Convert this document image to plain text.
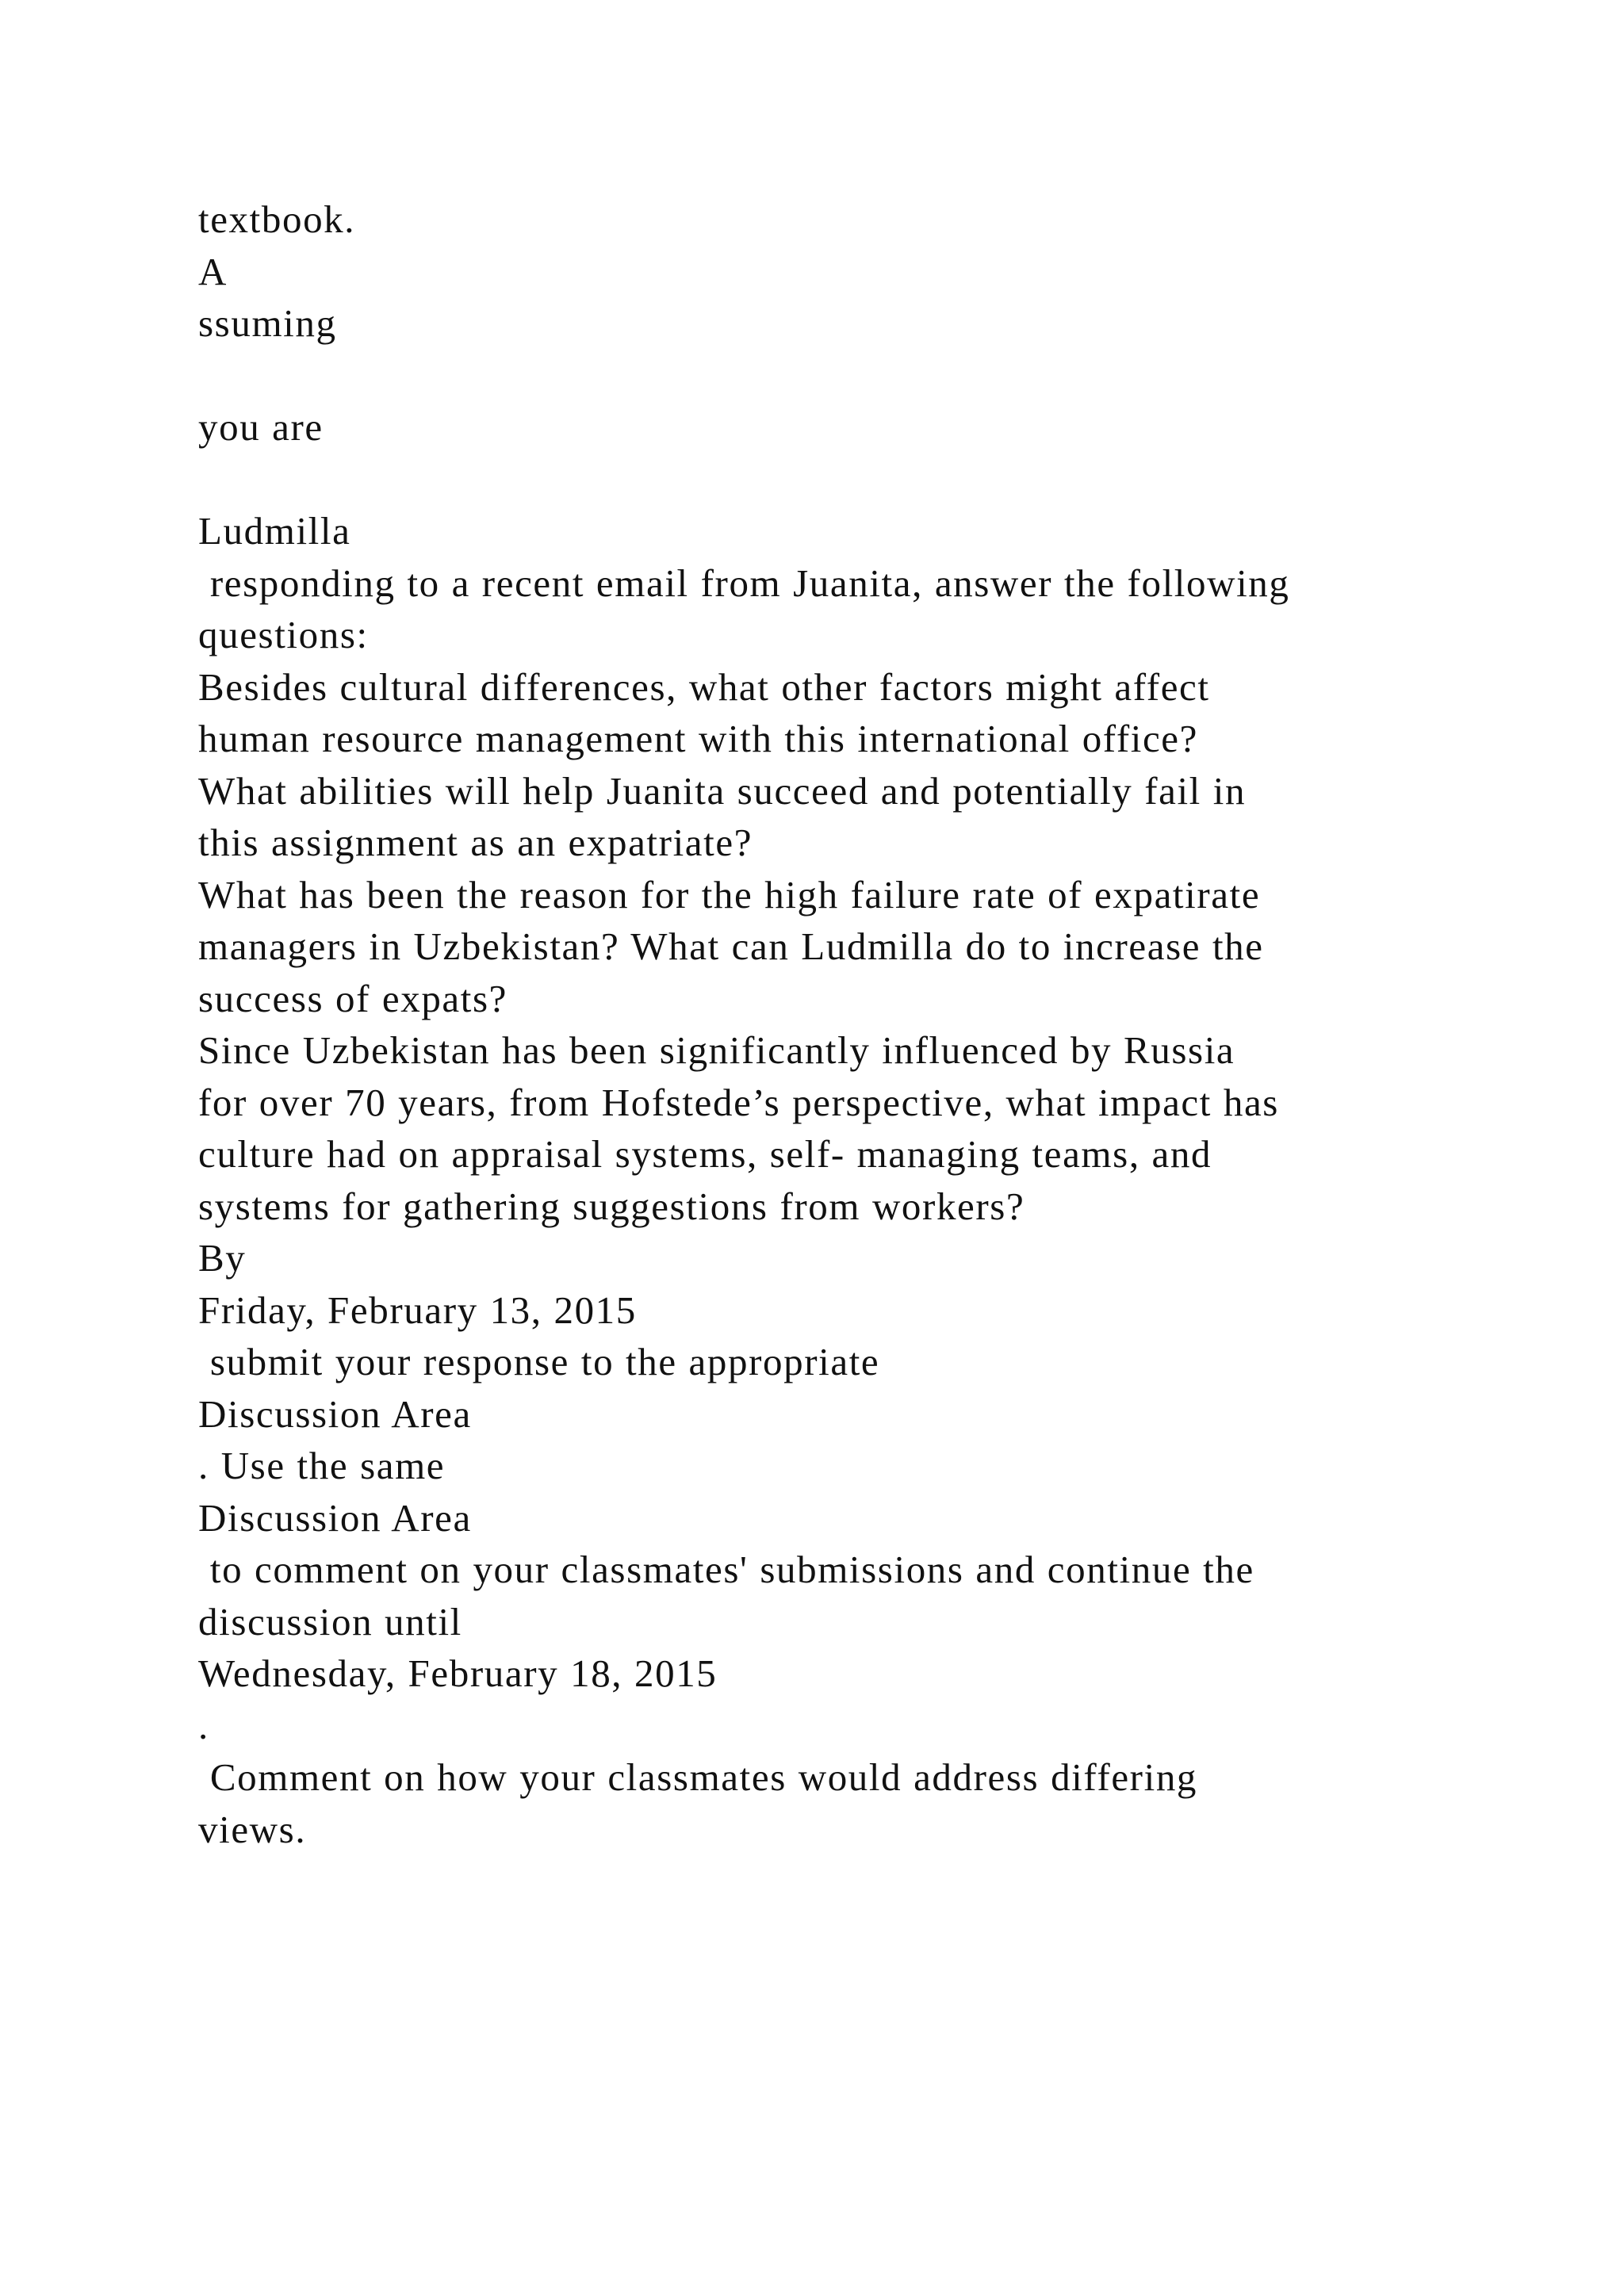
textbook.
A
ssuming
you are
Ludmilla
responding to a recent email from Juanita, answer the following
questions:
Besides cultural differences, what other factors might affect
human resource management with this international office?
What abilities will help Juanita succeed and potentially fail in
this assignment as an expatriate?
What has been the reason for the high failure rate of expatirate
managers in Uzbekistan? What can Ludmilla do to increase the
success of expats?
Since Uzbekistan has been significantly influenced by Russia
for over 70 years, from Hofstede’s perspective, what impact has
culture had on appraisal systems, self- managing teams, and
systems for gathering suggestions from workers?
By
Friday, February 13, 2015
submit your response to the appropriate
Discussion Area
. Use the same
Discussion Area
to comment on your classmates' submissions and continue the
discussion until
Wednesday, February 18, 2015
.
Comment on how your classmates would address differing
views.
